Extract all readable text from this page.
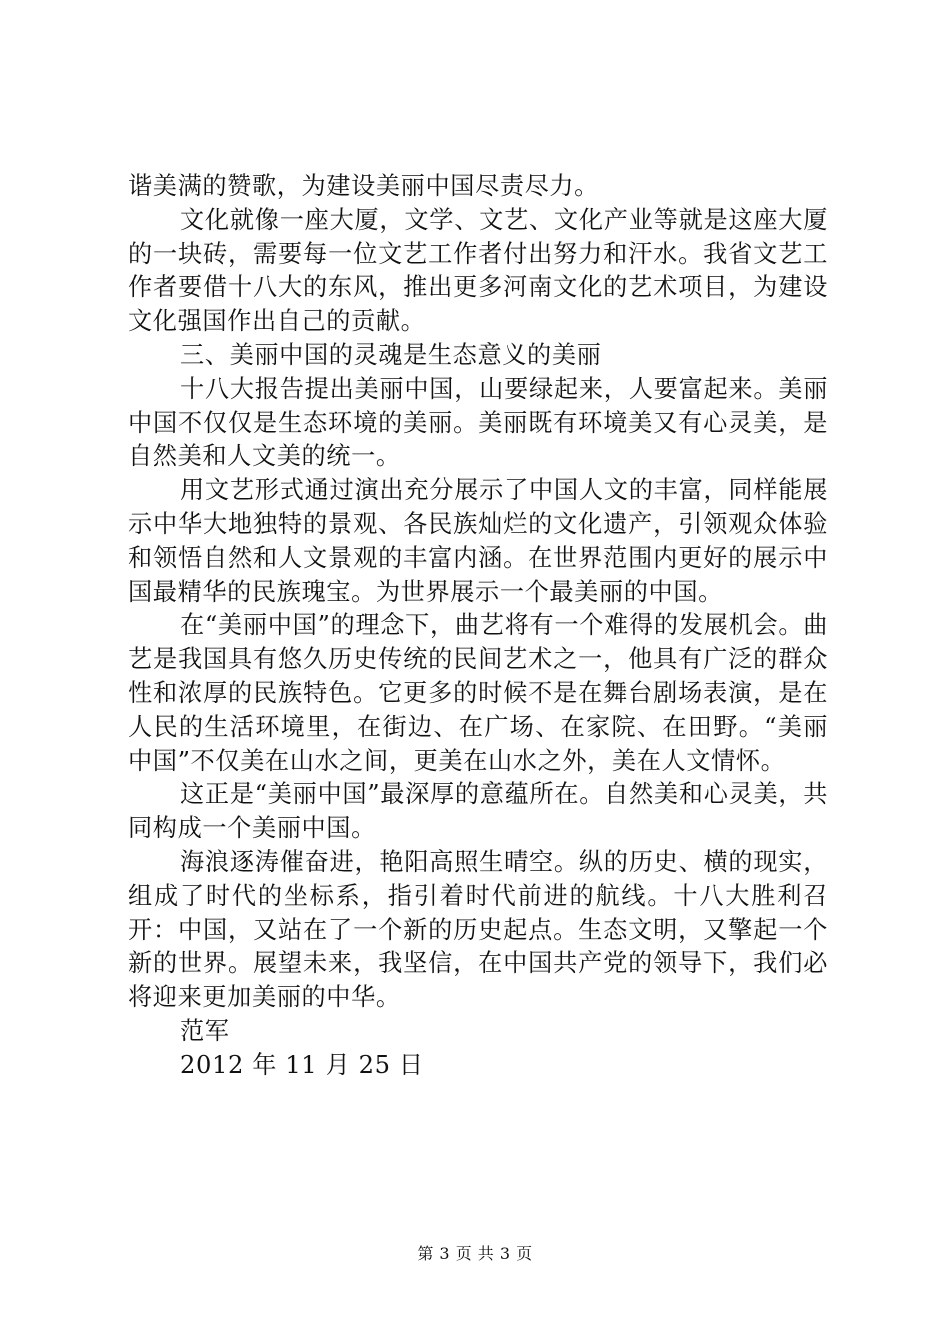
谐美满的赞歌，为建设美丽中国尽责尽力。

文化就像一座大厦，文学、文艺、文化产业等就是这座大厦的一块砖，需要每一位文艺工作者付出努力和汗水。我省文艺工作者要借十八大的东风，推出更多河南文化的艺术项目，为建设文化强国作出自己的贡献。

三、美丽中国的灵魂是生态意义的美丽

十八大报告提出美丽中国，山要绿起来，人要富起来。美丽中国不仅仅是生态环境的美丽。美丽既有环境美又有心灵美，是自然美和人文美的统一。

用文艺形式通过演出充分展示了中国人文的丰富，同样能展示中华大地独特的景观、各民族灿烂的文化遗产，引领观众体验和领悟自然和人文景观的丰富内涵。在世界范围内更好的展示中国最精华的民族瑰宝。为世界展示一个最美丽的中国。

在“美丽中国”的理念下，曲艺将有一个难得的发展机会。曲艺是我国具有悠久历史传统的民间艺术之一，他具有广泛的群众性和浓厚的民族特色。它更多的时候不是在舞台剧场表演，是在人民的生活环境里，在街边、在广场、在家院、在田野。“美丽中国”不仅美在山水之间，更美在山水之外，美在人文情怀。

这正是“美丽中国”最深厚的意蕴所在。自然美和心灵美，共同构成一个美丽中国。

海浪逐涛催奋进，艳阳高照生晴空。纵的历史、横的现实，组成了时代的坐标系，指引着时代前进的航线。十八大胜利召开：中国，又站在了一个新的历史起点。生态文明，又擎起一个新的世界。展望未来，我坚信，在中国共产党的领导下，我们必将迎来更加美丽的中华。

范军

2012 年 11 月 25 日

第 3 页 共 3 页
